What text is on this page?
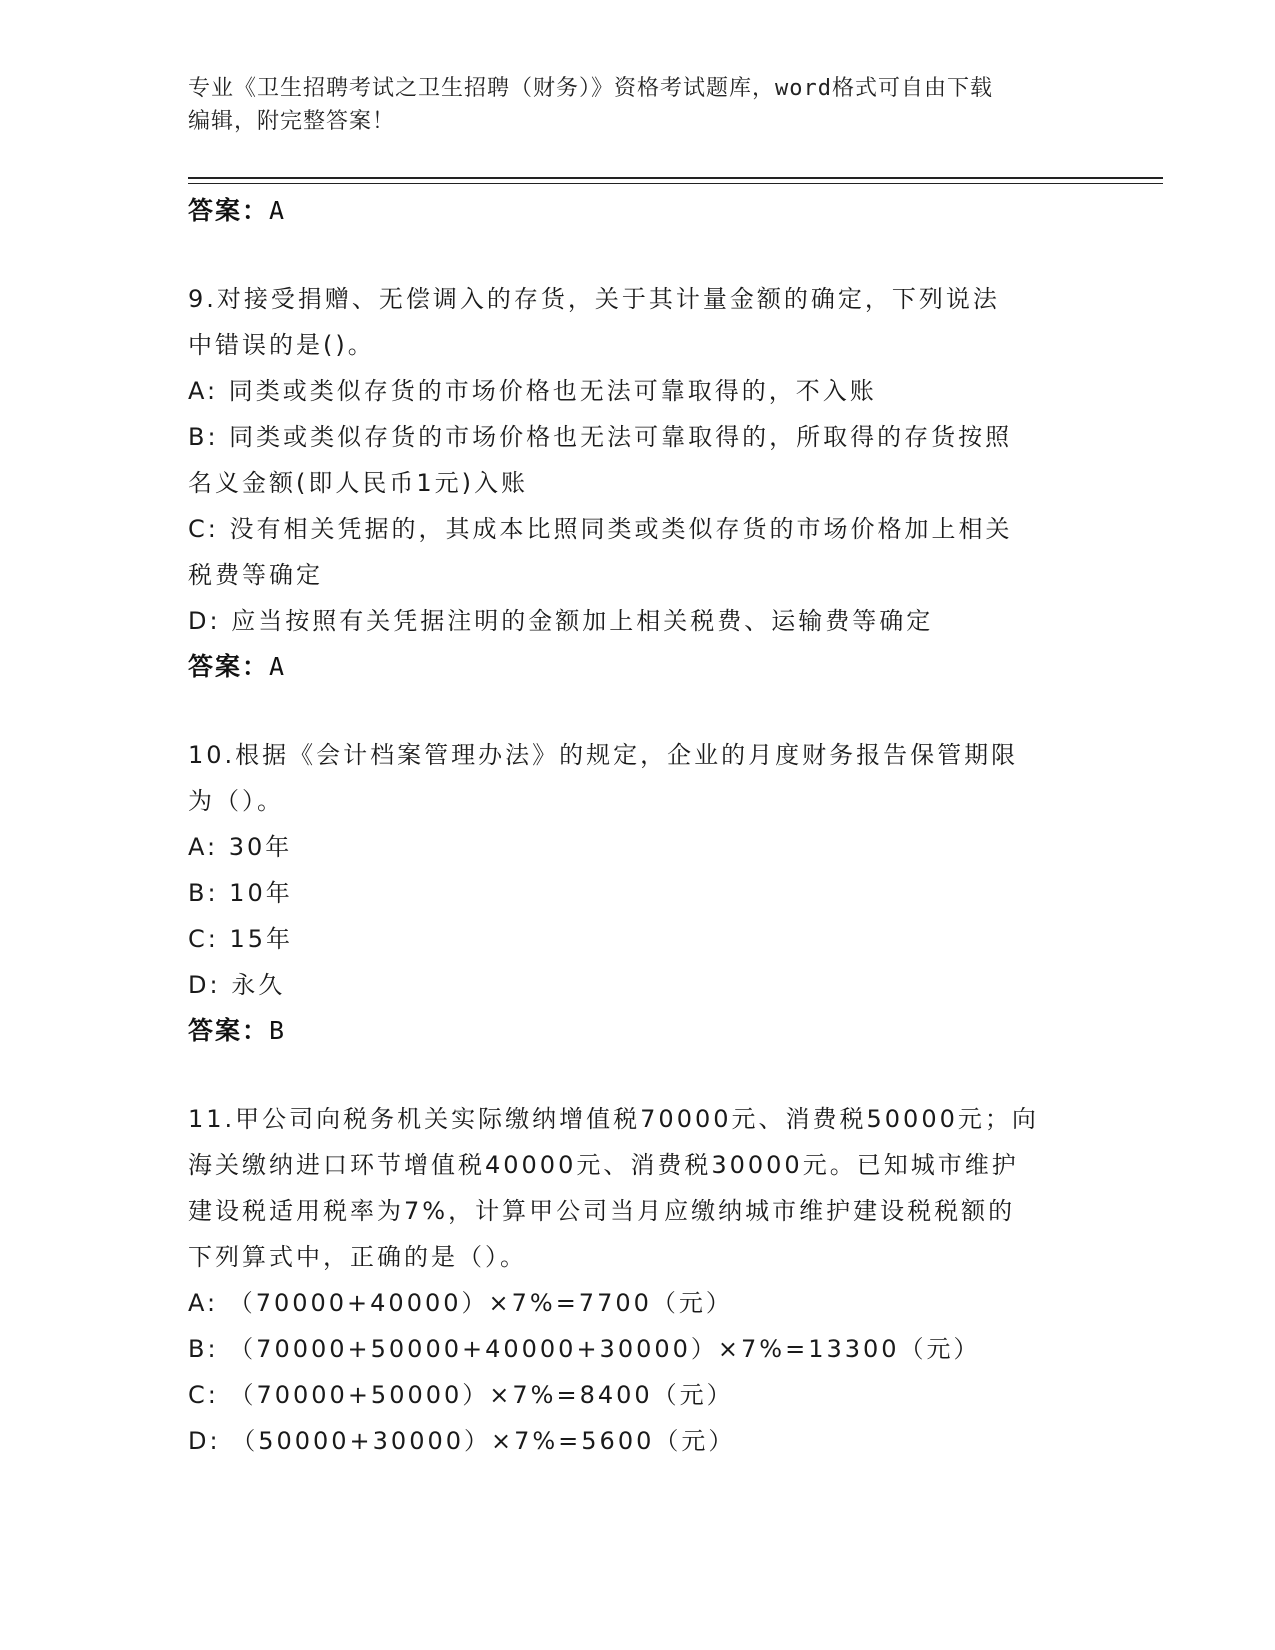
专业《卫生招聘考试之卫生招聘（财务）》资格考试题库，word格式可自由下载
编辑，附完整答案！
答案：A

9.对接受捐赠、无偿调入的存货，关于其计量金额的确定，下列说法

中错误的是()。

A: 同类或类似存货的市场价格也无法可靠取得的，不入账

B: 同类或类似存货的市场价格也无法可靠取得的，所取得的存货按照

名义金额(即人民币1元)入账

C: 没有相关凭据的，其成本比照同类或类似存货的市场价格加上相关

税费等确定

D: 应当按照有关凭据注明的金额加上相关税费、运输费等确定

答案：A

10.根据《会计档案管理办法》的规定，企业的月度财务报告保管期限

为（）。

A: 30年

B: 10年

C: 15年

D: 永久

答案：B

11.甲公司向税务机关实际缴纳增值税70000元、消费税50000元；向

海关缴纳进口环节增值税40000元、消费税30000元。已知城市维护

建设税适用税率为7%，计算甲公司当月应缴纳城市维护建设税税额的

下列算式中，正确的是（）。

A: （70000+40000）×7%=7700（元）

B: （70000+50000+40000+30000）×7%=13300（元）

C: （70000+50000）×7%=8400（元）

D: （50000+30000）×7%=5600（元）
